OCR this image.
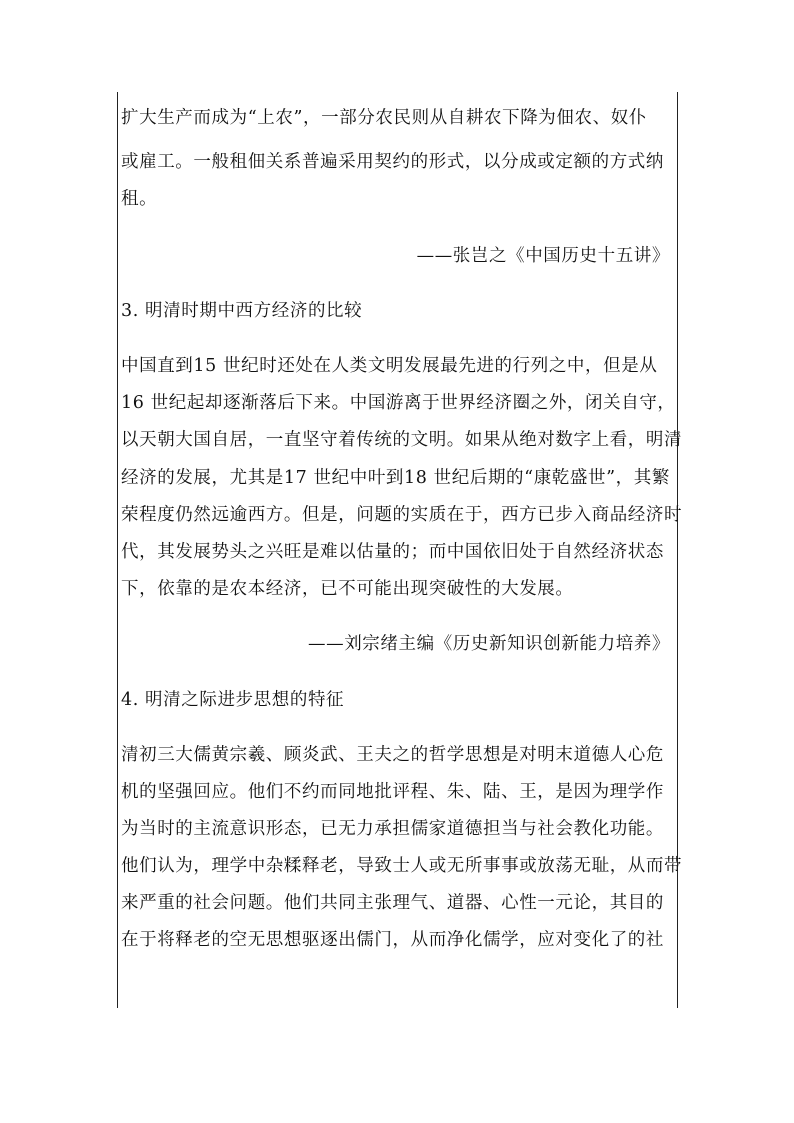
扩大生产而成为“上农”，一部分农民则从自耕农下降为佃农、奴仆
或雇工。一般租佃关系普遍采用契约的形式，以分成或定额的方式纳
租。
——张岂之《中国历史十五讲》
3. 明清时期中西方经济的比较
中国直到15 世纪时还处在人类文明发展最先进的行列之中，但是从
16 世纪起却逐渐落后下来。中国游离于世界经济圈之外，闭关自守，
以天朝大国自居，一直坚守着传统的文明。如果从绝对数字上看，明清
经济的发展，尤其是17 世纪中叶到18 世纪后期的“康乾盛世”，其繁
荣程度仍然远逾西方。但是，问题的实质在于，西方已步入商品经济时
代，其发展势头之兴旺是难以估量的；而中国依旧处于自然经济状态
下，依靠的是农本经济，已不可能出现突破性的大发展。
——刘宗绪主编《历史新知识创新能力培养》
4. 明清之际进步思想的特征
清初三大儒黄宗羲、顾炎武、王夫之的哲学思想是对明末道德人心危
机的坚强回应。他们不约而同地批评程、朱、陆、王，是因为理学作
为当时的主流意识形态，已无力承担儒家道德担当与社会教化功能。
他们认为，理学中杂糅释老，导致士人或无所事事或放荡无耻，从而带
来严重的社会问题。他们共同主张理气、道器、心性一元论，其目的
在于将释老的空无思想驱逐出儒门，从而净化儒学，应对变化了的社
